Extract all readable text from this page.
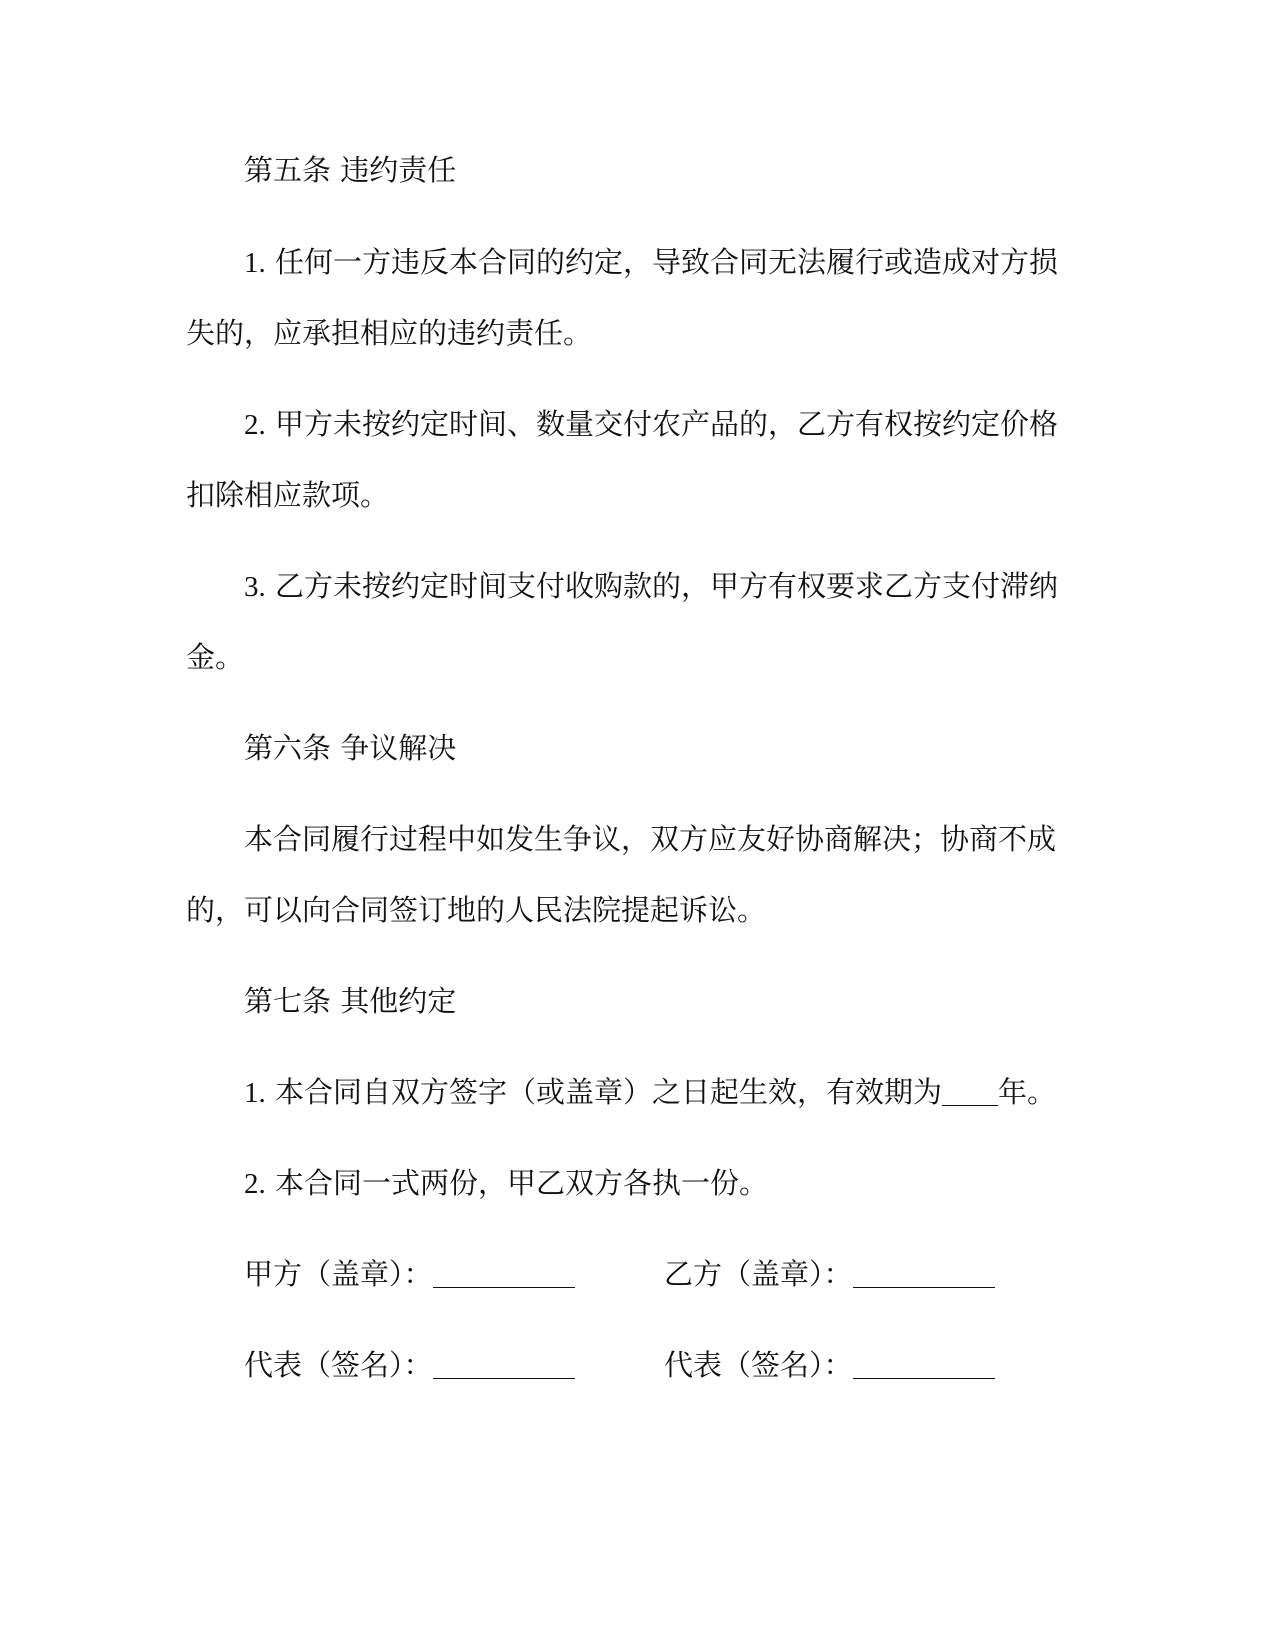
第五条 违约责任
1. 任何一方违反本合同的约定，导致合同无法履行或造成对方损
失的，应承担相应的违约责任。
2. 甲方未按约定时间、数量交付农产品的，乙方有权按约定价格
扣除相应款项。
3. 乙方未按约定时间支付收购款的，甲方有权要求乙方支付滞纳
金。
第六条 争议解决
本合同履行过程中如发生争议，双方应友好协商解决；协商不成
的，可以向合同签订地的人民法院提起诉讼。
第七条 其他约定
1. 本合同自双方签字（或盖章）之日起生效，有效期为 年。
2. 本合同一式两份，甲乙双方各执一份。
甲方（盖章）：	乙方（盖章）：
代表（签名）：	代表（签名）：
